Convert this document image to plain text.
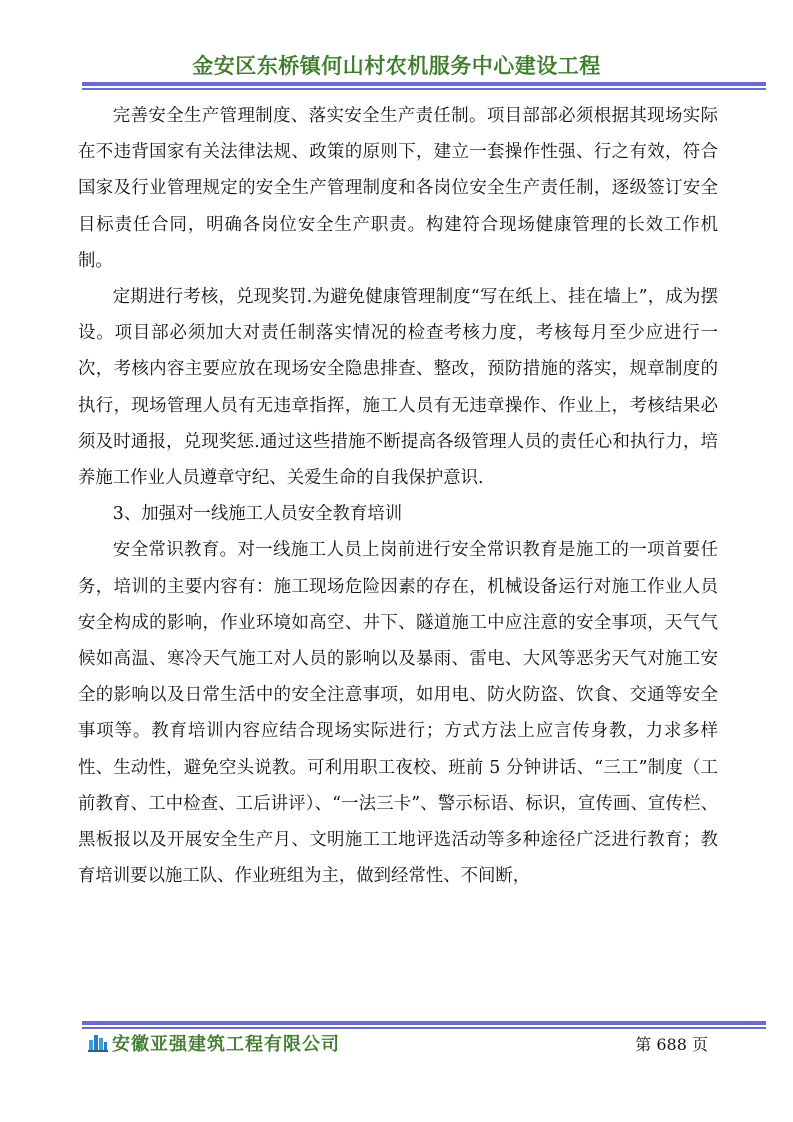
金安区东桥镇何山村农机服务中心建设工程

完善安全生产管理制度、落实安全生产责任制。项目部部必须根据其现场实际在不违背国家有关法律法规、政策的原则下，建立一套操作性强、行之有效，符合国家及行业管理规定的安全生产管理制度和各岗位安全生产责任制，逐级签订安全目标责任合同，明确各岗位安全生产职责。构建符合现场健康管理的长效工作机制。

定期进行考核，兑现奖罚.为避免健康管理制度“写在纸上、挂在墙上”，成为摆设。项目部必须加大对责任制落实情况的检查考核力度，考核每月至少应进行一次，考核内容主要应放在现场安全隐患排查、整改，预防措施的落实，规章制度的执行，现场管理人员有无违章指挥，施工人员有无违章操作、作业上，考核结果必须及时通报，兑现奖惩.通过这些措施不断提高各级管理人员的责任心和执行力，培养施工作业人员遵章守纪、关爱生命的自我保护意识.

3、加强对一线施工人员安全教育培训

安全常识教育。对一线施工人员上岗前进行安全常识教育是施工的一项首要任务，培训的主要内容有：施工现场危险因素的存在，机械设备运行对施工作业人员安全构成的影响，作业环境如高空、井下、隧道施工中应注意的安全事项，天气气候如高温、寒冷天气施工对人员的影响以及暴雨、雷电、大风等恶劣天气对施工安全的影响以及日常生活中的安全注意事项，如用电、防火防盗、饮食、交通等安全事项等。教育培训内容应结合现场实际进行；方式方法上应言传身教，力求多样性、生动性，避免空头说教。可利用职工夜校、班前 5 分钟讲话、“三工”制度（工前教育、工中检查、工后讲评）、“一法三卡”、警示标语、标识，宣传画、宣传栏、黑板报以及开展安全生产月、文明施工工地评选活动等多种途径广泛进行教育；教育培训要以施工队、作业班组为主，做到经常性、不间断，

安徽亚强建筑工程有限公司	第 688 页
